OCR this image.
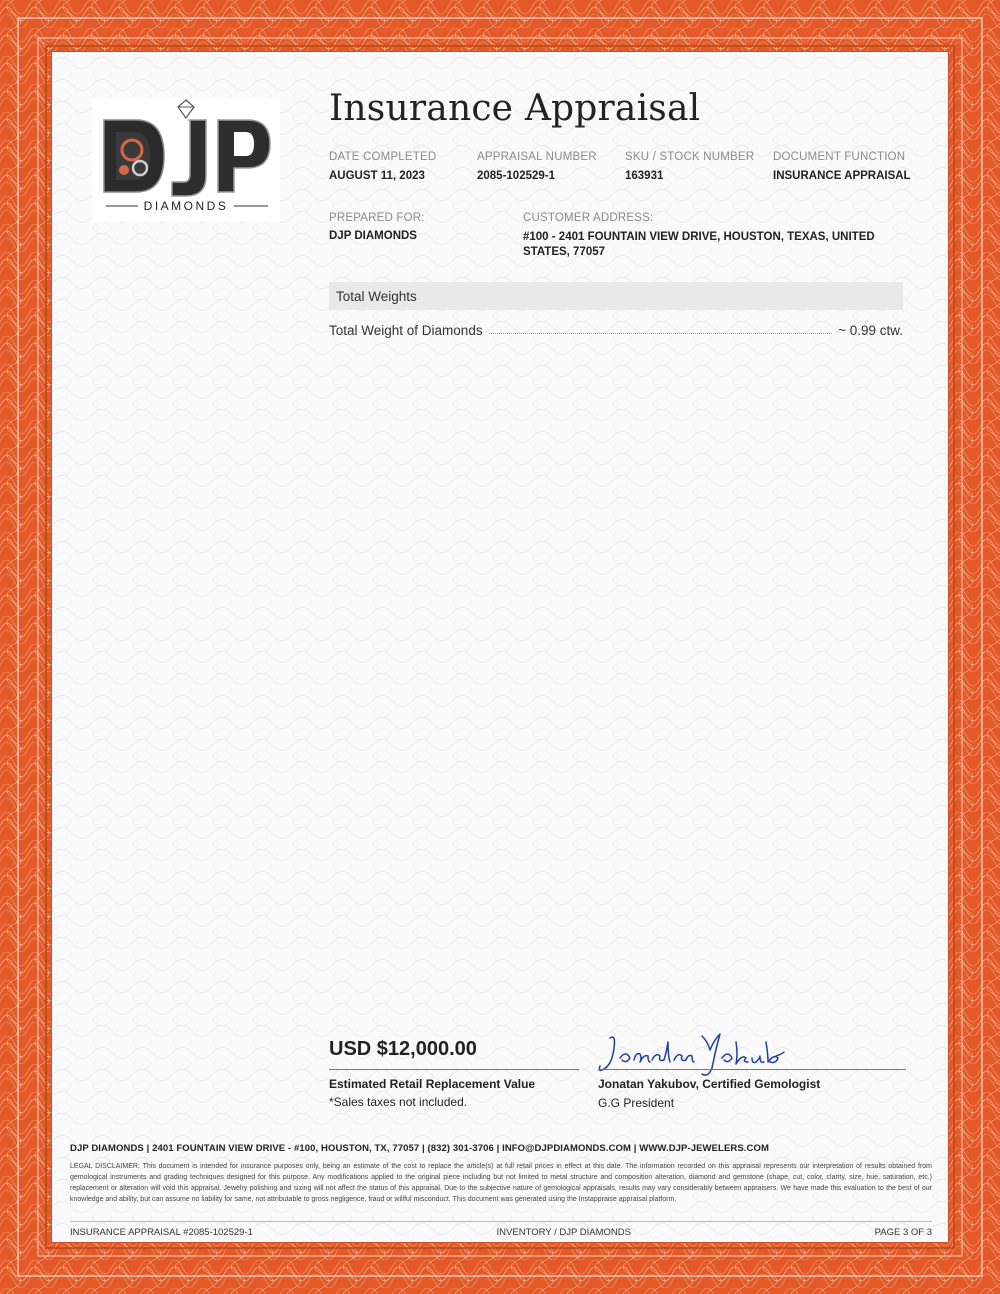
DIAMONDS
Insurance Appraisal
DATE COMPLETED
AUGUST 11, 2023
APPRAISAL NUMBER
2085-102529-1
SKU / STOCK NUMBER
163931
DOCUMENT FUNCTION
INSURANCE APPRAISAL
PREPARED FOR:
DJP DIAMONDS
CUSTOMER ADDRESS:
#100 - 2401 FOUNTAIN VIEW DRIVE, HOUSTON, TEXAS, UNITED STATES, 77057
Total Weights
Total Weight of Diamonds	~ 0.99 ctw.
USD $12,000.00
Estimated Retail Replacement Value
*Sales taxes not included.
Jonatan Yakubov, Certified Gemologist
G.G President
DJP DIAMONDS | 2401 FOUNTAIN VIEW DRIVE - #100, HOUSTON, TX, 77057 | (832) 301-3706 | INFO@DJPDIAMONDS.COM | WWW.DJP-JEWELERS.COM
LEGAL DISCLAIMER: This document is intended for insurance purposes only, being an estimate of the cost to replace the article(s) at full retail prices in effect at this date. The information recorded on this appraisal represents our interpretation of results obtained from gemological instruments and grading techniques designed for this purpose. Any modifications applied to the original piece including but not limited to metal structure and composition alteration, diamond and gemstone (shape, cut, color, clarity, size, hue, saturation, etc.) replacement or alteration will void this appraisal. Jewelry polishing and sizing will not affect the status of this appraisal. Due to the subjective nature of gemological appraisals, results may vary considerably between appraisers. We have made this evaluation to the best of our knowledge and ability, but can assume no liability for same, not attributable to gross negligence, fraud or willful misconduct. This document was generated using the Instappraise appraisal platform.
INSURANCE APPRAISAL #2085-102529-1	INVENTORY / DJP DIAMONDS	PAGE 3 OF 3
